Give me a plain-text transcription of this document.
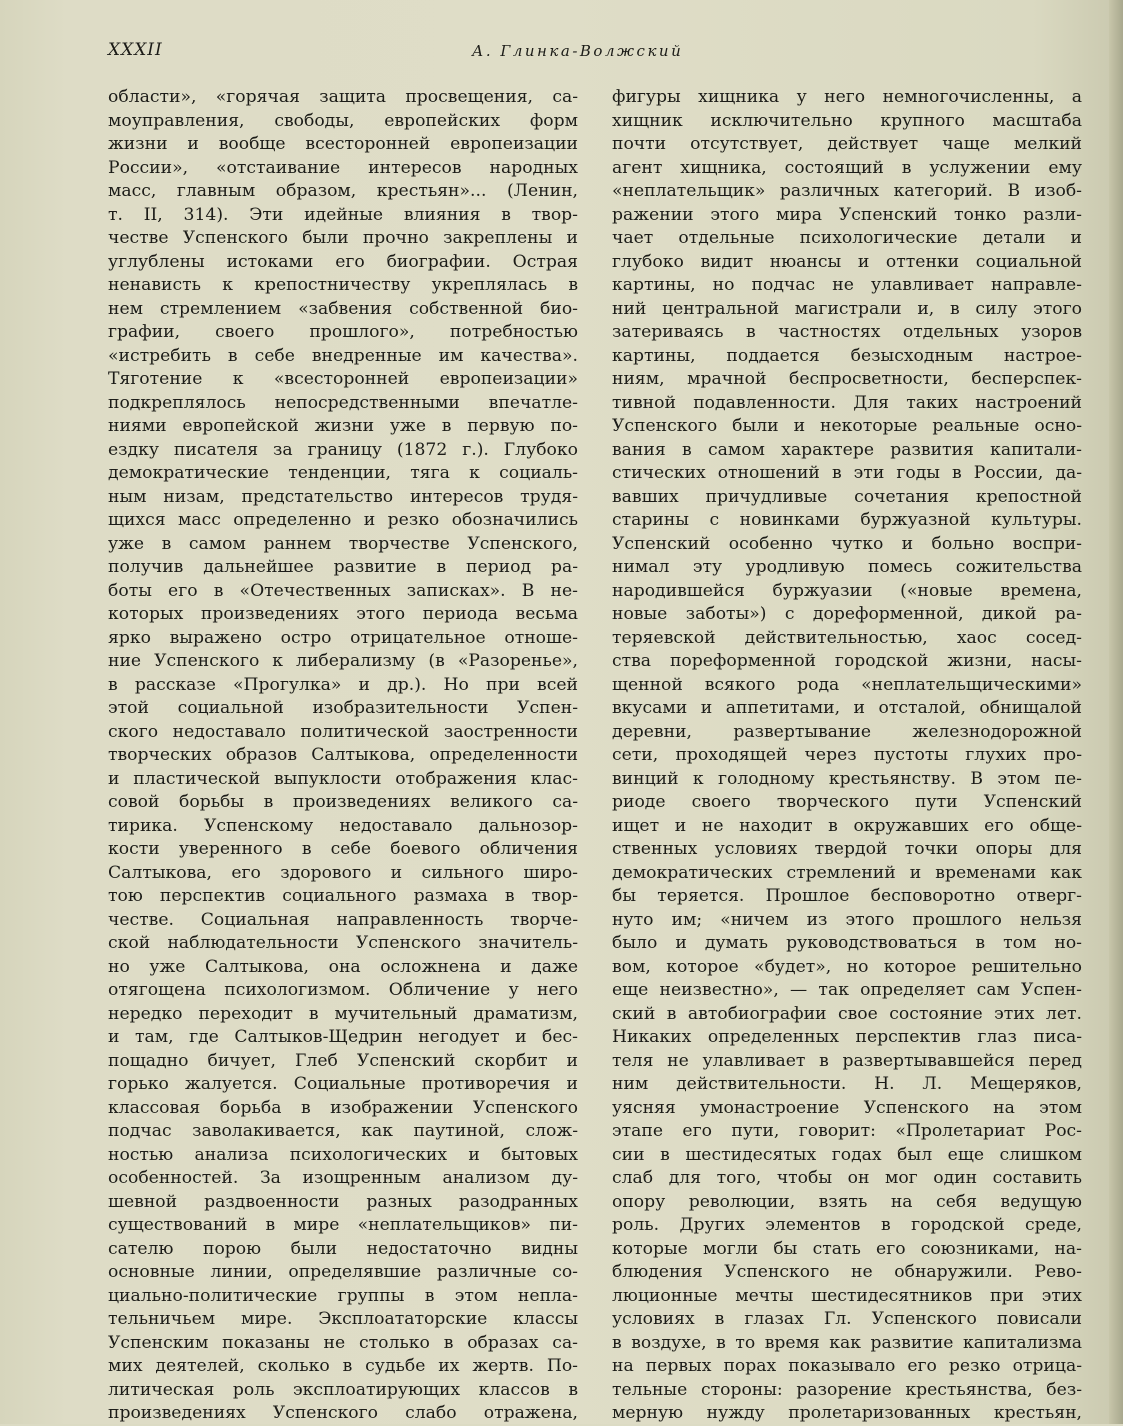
XXXII	А. Глинка-Волжский
области», «горячая защита просвещения, са-
моуправления, свободы, европейских форм
жизни и вообще всесторонней европеизации
России», «отстаивание интересов народных
масс, главным образом, крестьян»... (Ленин,
т. II, 314). Эти идейные влияния в твор-
честве Успенского были прочно закреплены и
углублены истоками его биографии. Острая
ненависть к крепостничеству укреплялась в
нем стремлением «забвения собственной био-
графии, своего прошлого», потребностью
«истребить в себе внедренные им качества».
Тяготение к «всесторонней европеизации»
подкреплялось непосредственными впечатле-
ниями европейской жизни уже в первую по-
ездку писателя за границу (1872 г.). Глубоко
демократические тенденции, тяга к социаль-
ным низам, предстательство интересов трудя-
щихся масс определенно и резко обозначились
уже в самом раннем творчестве Успенского,
получив дальнейшее развитие в период ра-
боты его в «Отечественных записках». В не-
которых произведениях этого периода весьма
ярко выражено остро отрицательное отноше-
ние Успенского к либерализму (в «Разоренье»,
в рассказе «Прогулка» и др.). Но при всей
этой социальной изобразительности Успен-
ского недоставало политической заостренности
творческих образов Салтыкова, определенности
и пластической выпуклости отображения клас-
совой борьбы в произведениях великого са-
тирика. Успенскому недоставало дальнозор-
кости уверенного в себе боевого обличения
Салтыкова, его здорового и сильного широ-
тою перспектив социального размаха в твор-
честве. Социальная направленность творче-
ской наблюдательности Успенского значитель-
но уже Салтыкова, она осложнена и даже
отягощена психологизмом. Обличение у него
нередко переходит в мучительный драматизм,
и там, где Салтыков-Щедрин негодует и бес-
пощадно бичует, Глеб Успенский скорбит и
горько жалуется. Социальные противоречия и
классовая борьба в изображении Успенского
подчас заволакивается, как паутиной, слож-
ностью анализа психологических и бытовых
особенностей. За изощренным анализом ду-
шевной раздвоенности разных разодранных
существований в мире «неплательщиков» пи-
сателю порою были недостаточно видны
основные линии, определявшие различные со-
циально-политические группы в этом непла-
тельничьем мире. Эксплоататорские классы
Успенским показаны не столько в образах са-
мих деятелей, сколько в судьбе их жертв. По-
литическая роль эксплоатирующих классов в
произведениях Успенского слабо отражена,
фигуры хищника у него немногочисленны, а
хищник исключительно крупного масштаба
почти отсутствует, действует чаще мелкий
агент хищника, состоящий в услужении ему
«неплательщик» различных категорий. В изоб-
ражении этого мира Успенский тонко разли-
чает отдельные психологические детали и
глубоко видит нюансы и оттенки социальной
картины, но подчас не улавливает направле-
ний центральной магистрали и, в силу этого
затериваясь в частностях отдельных узоров
картины, поддается безысходным настрое-
ниям, мрачной беспросветности, бесперспек-
тивной подавленности. Для таких настроений
Успенского были и некоторые реальные осно-
вания в самом характере развития капитали-
стических отношений в эти годы в России, да-
вавших причудливые сочетания крепостной
старины с новинками буржуазной культуры.
Успенский особенно чутко и больно воспри-
нимал эту уродливую помесь сожительства
народившейся буржуазии («новые времена,
новые заботы») с дореформенной, дикой ра-
теряевской действительностью, хаос сосед-
ства пореформенной городской жизни, насы-
щенной всякого рода «неплательщическими»
вкусами и аппетитами, и отсталой, обнищалой
деревни, развертывание железнодорожной
сети, проходящей через пустоты глухих про-
винций к голодному крестьянству. В этом пе-
риоде своего творческого пути Успенский
ищет и не находит в окружавших его обще-
ственных условиях твердой точки опоры для
демократических стремлений и временами как
бы теряется. Прошлое бесповоротно отверг-
нуто им; «ничем из этого прошлого нельзя
было и думать руководствоваться в том но-
вом, которое «будет», но которое решительно
еще неизвестно», — так определяет сам Успен-
ский в автобиографии свое состояние этих лет.
Никаких определенных перспектив глаз писа-
теля не улавливает в развертывавшейся перед
ним действительности. Н. Л. Мещеряков,
уясняя умонастроение Успенского на этом
этапе его пути, говорит: «Пролетариат Рос-
сии в шестидесятых годах был еще слишком
слаб для того, чтобы он мог один составить
опору революции, взять на себя ведущую
роль. Других элементов в городской среде,
которые могли бы стать его союзниками, на-
блюдения Успенского не обнаружили. Рево-
люционные мечты шестидесятников при этих
условиях в глазах Гл. Успенского повисали
в воздухе, в то время как развитие капитализма
на первых порах показывало его резко отрица-
тельные стороны: разорение крестьянства, без-
мерную нужду пролетаризованных крестьян,
